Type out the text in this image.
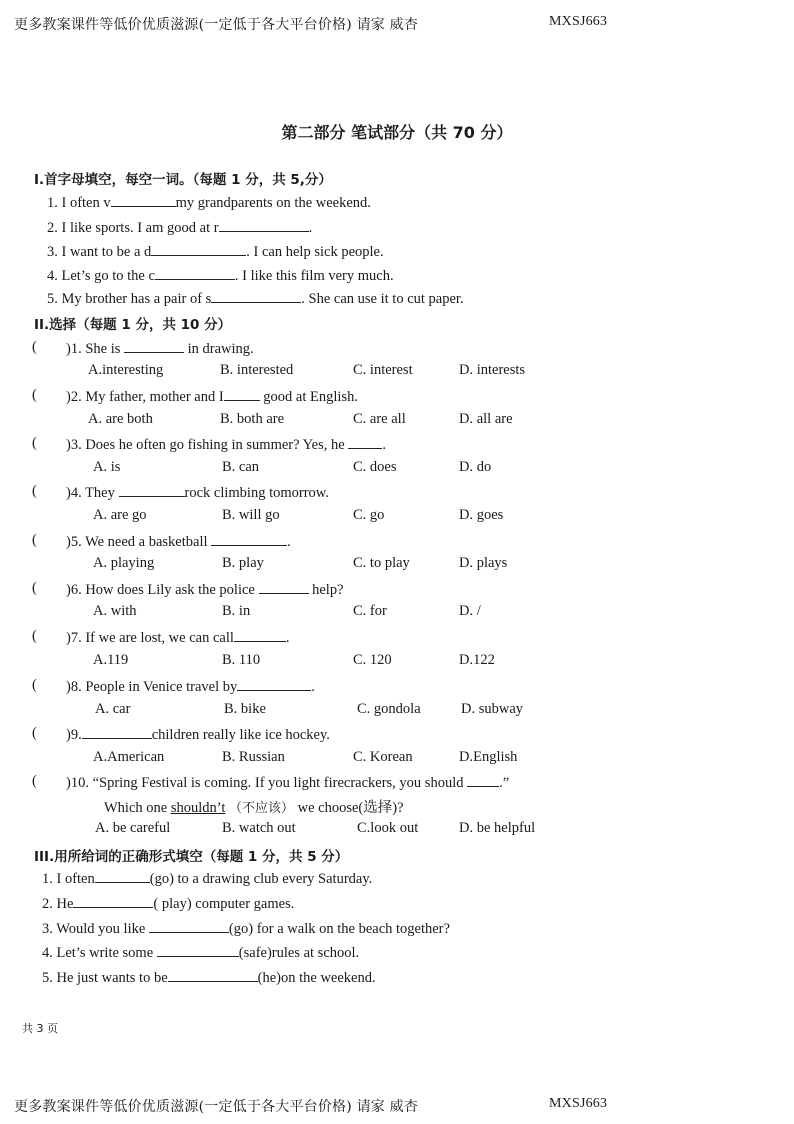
更多教案课件等低价优质滋源(一定低于各大平台价格) 请家 威杏	MXSJ663
第二部分 笔试部分（共 70 分）
I.首字母填空，每空一词。（每题 1 分，共 5,分）
1. I often v	my grandparents on the weekend.
2. I like sports. I am good at r	.
3. I want to be a d	. I can help sick people.
4. Let’s go to the c	. I like this film very much.
5. My brother has a pair of s	. She can use it to cut paper.
II.选择（每题 1 分，共 10 分）
( )1. She is	in drawing.
A.interesting	B. interested	C. interest	D. interests
( )2. My father, mother and I	good at English.
A. are both	B. both are	C. are all	D. all are
( )3. Does he often go fishing in summer? Yes, he	.
A. is	B. can	C. does	D. do
( )4. They	rock climbing tomorrow.
A. are go	B. will go	C. go	D. goes
( )5. We need a basketball	.
A. playing	B. play	C. to play	D. plays
( )6. How does Lily ask the police	help?
A. with	B. in	C. for	D. /
( )7. If we are lost, we can call	.
A.119	B. 110	C. 120	D.122
( )8. People in Venice travel by	.
A. car	B. bike	C. gondola	D. subway
( )9.	children really like ice hockey.
A.American	B. Russian	C. Korean	D.English
( )10. “Spring Festival is coming. If you light firecrackers, you should .”
Which one shouldn’t （不应该） we choose(选择)?
A. be careful	B. watch out	C.look out	D. be helpful
III.用所给词的正确形式填空（每题 1 分，共 5 分）
1. I often	(go) to a drawing club every Saturday.
2. He	( play) computer games.
3. Would you like	(go) for a walk on the beach together?
4. Let’s write some	(safe)rules at school.
5. He just wants to be	(he)on the weekend.
共 3 页
更多教案课件等低价优质滋源(一定低于各大平台价格) 请家 威杏	MXSJ663
